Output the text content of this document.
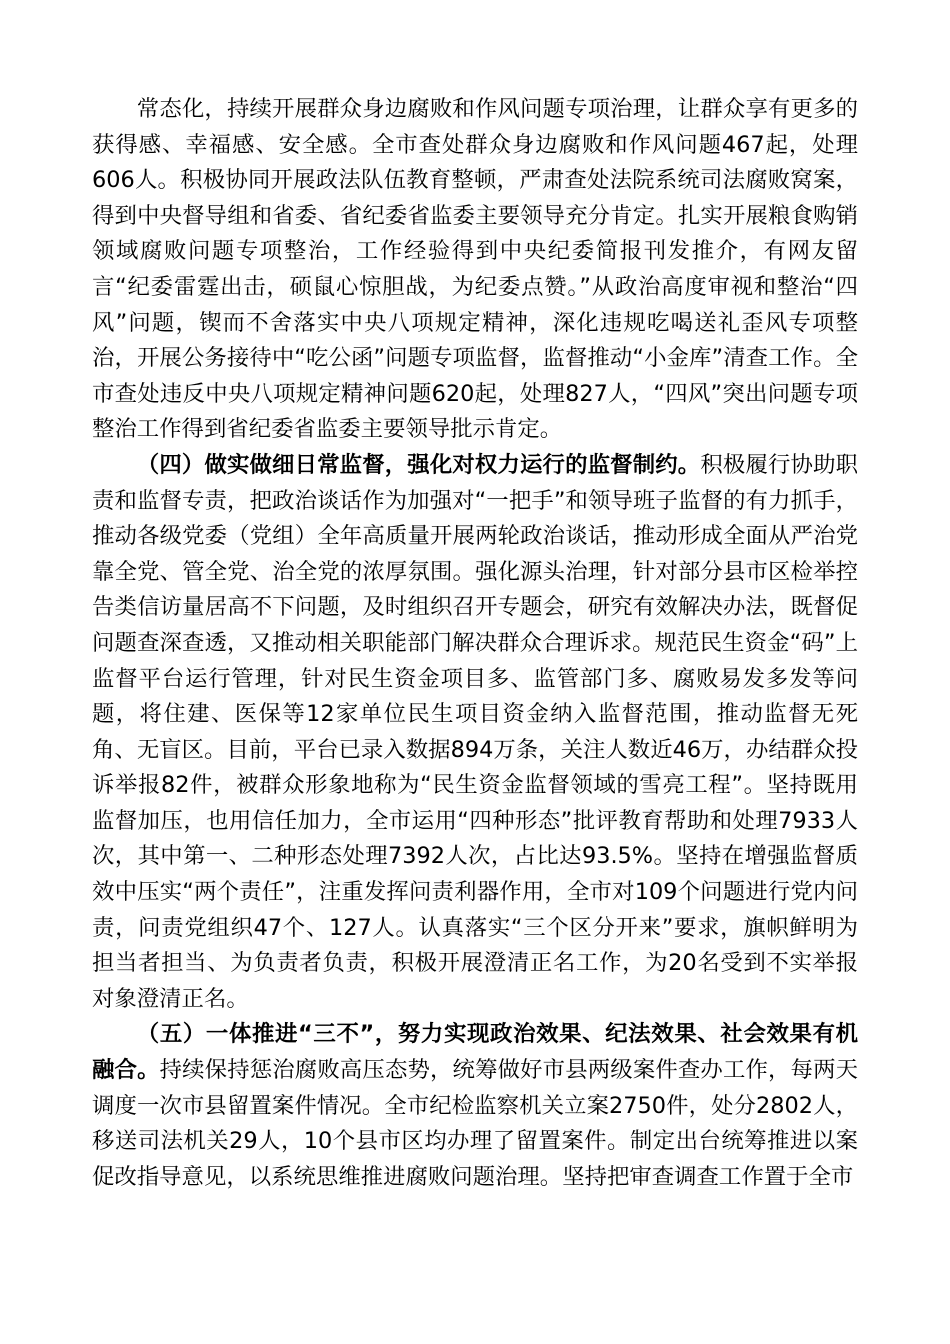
常态化，持续开展群众身边腐败和作风问题专项治理，让群众享有更多的获得感、幸福感、安全感。全市查处群众身边腐败和作风问题467起，处理606人。积极协同开展政法队伍教育整顿，严肃查处法院系统司法腐败窝案，得到中央督导组和省委、省纪委省监委主要领导充分肯定。扎实开展粮食购销领域腐败问题专项整治，工作经验得到中央纪委简报刊发推介，有网友留言“纪委雷霆出击，硕鼠心惊胆战，为纪委点赞。”从政治高度审视和整治“四风”问题，锲而不舍落实中央八项规定精神，深化违规吃喝送礼歪风专项整治，开展公务接待中“吃公函”问题专项监督，监督推动“小金库”清查工作。全市查处违反中央八项规定精神问题620起，处理827人，“四风”突出问题专项整治工作得到省纪委省监委主要领导批示肯定。

（四）做实做细日常监督，强化对权力运行的监督制约。积极履行协助职责和监督专责，把政治谈话作为加强对“一把手”和领导班子监督的有力抓手，推动各级党委（党组）全年高质量开展两轮政治谈话，推动形成全面从严治党靠全党、管全党、治全党的浓厚氛围。强化源头治理，针对部分县市区检举控告类信访量居高不下问题，及时组织召开专题会，研究有效解决办法，既督促问题查深查透，又推动相关职能部门解决群众合理诉求。规范民生资金“码”上监督平台运行管理，针对民生资金项目多、监管部门多、腐败易发多发等问题，将住建、医保等12家单位民生项目资金纳入监督范围，推动监督无死角、无盲区。目前，平台已录入数据894万条，关注人数近46万，办结群众投诉举报82件，被群众形象地称为“民生资金监督领域的雪亮工程”。坚持既用监督加压，也用信任加力，全市运用“四种形态”批评教育帮助和处理7933人次，其中第一、二种形态处理7392人次，占比达93.5%。坚持在增强监督质效中压实“两个责任”，注重发挥问责利器作用，全市对109个问题进行党内问责，问责党组织47个、127人。认真落实“三个区分开来”要求，旗帜鲜明为担当者担当、为负责者负责，积极开展澄清正名工作，为20名受到不实举报对象澄清正名。

（五）一体推进“三不”，努力实现政治效果、纪法效果、社会效果有机融合。持续保持惩治腐败高压态势，统筹做好市县两级案件查办工作，每两天调度一次市县留置案件情况。全市纪检监察机关立案2750件，处分2802人，移送司法机关29人，10个县市区均办理了留置案件。制定出台统筹推进以案促改指导意见，以系统思维推进腐败问题治理。坚持把审查调查工作置于全市
